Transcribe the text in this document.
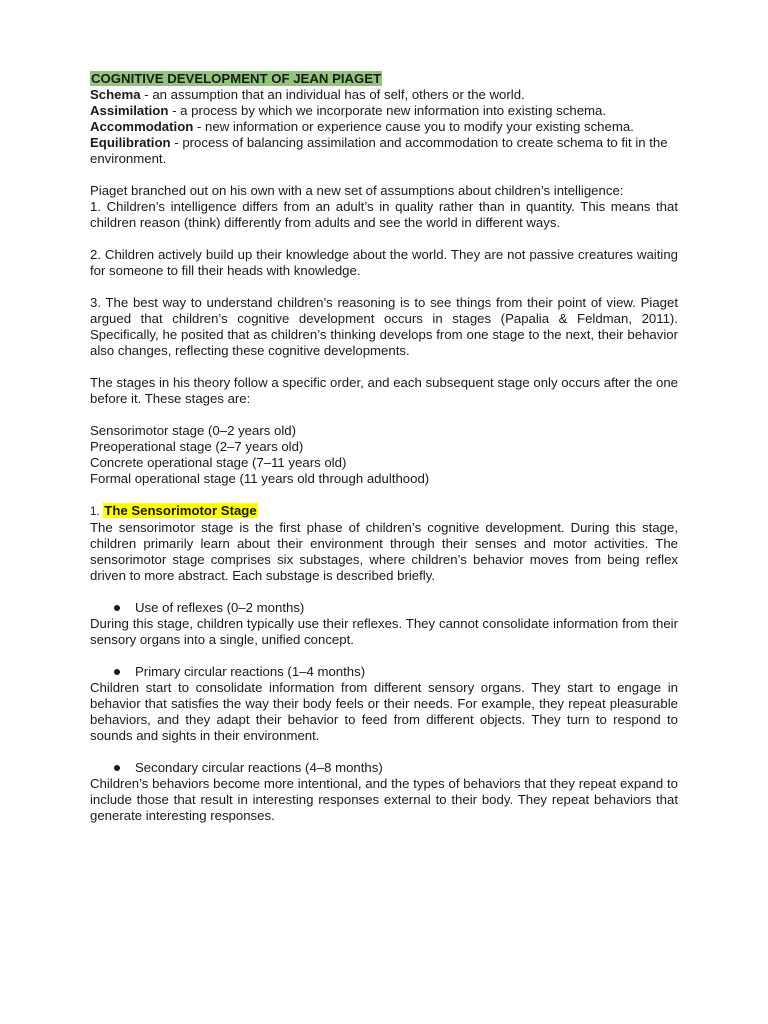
COGNITIVE DEVELOPMENT OF JEAN PIAGET

Schema - an assumption that an individual has of self, others or the world.

Assimilation - a process by which we incorporate new information into existing schema.

Accommodation - new information or experience cause you to modify your existing schema.

Equilibration - process of balancing assimilation and accommodation to create schema to fit in the environment.

Piaget branched out on his own with a new set of assumptions about children’s intelligence:

1. Children’s intelligence differs from an adult’s in quality rather than in quantity. This means that children reason (think) differently from adults and see the world in different ways.

2. Children actively build up their knowledge about the world. They are not passive creatures waiting for someone to fill their heads with knowledge.

3. The best way to understand children’s reasoning is to see things from their point of view. Piaget argued that children’s cognitive development occurs in stages (Papalia & Feldman, 2011). Specifically, he posited that as children’s thinking develops from one stage to the next, their behavior also changes, reflecting these cognitive developments.

The stages in his theory follow a specific order, and each subsequent stage only occurs after the one before it. These stages are:

Sensorimotor stage (0–2 years old)

Preoperational stage (2–7 years old)

Concrete operational stage (7–11 years old)

Formal operational stage (11 years old through adulthood)

1. The Sensorimotor Stage

The sensorimotor stage is the first phase of children’s cognitive development. During this stage, children primarily learn about their environment through their senses and motor activities. The sensorimotor stage comprises six substages, where children’s behavior moves from being reflex driven to more abstract. Each substage is described briefly.

Use of reflexes (0–2 months)

During this stage, children typically use their reflexes. They cannot consolidate information from their sensory organs into a single, unified concept.

Primary circular reactions (1–4 months)

Children start to consolidate information from different sensory organs. They start to engage in behavior that satisfies the way their body feels or their needs. For example, they repeat pleasurable behaviors, and they adapt their behavior to feed from different objects. They turn to respond to sounds and sights in their environment.

Secondary circular reactions (4–8 months)

Children’s behaviors become more intentional, and the types of behaviors that they repeat expand to include those that result in interesting responses external to their body. They repeat behaviors that generate interesting responses.
